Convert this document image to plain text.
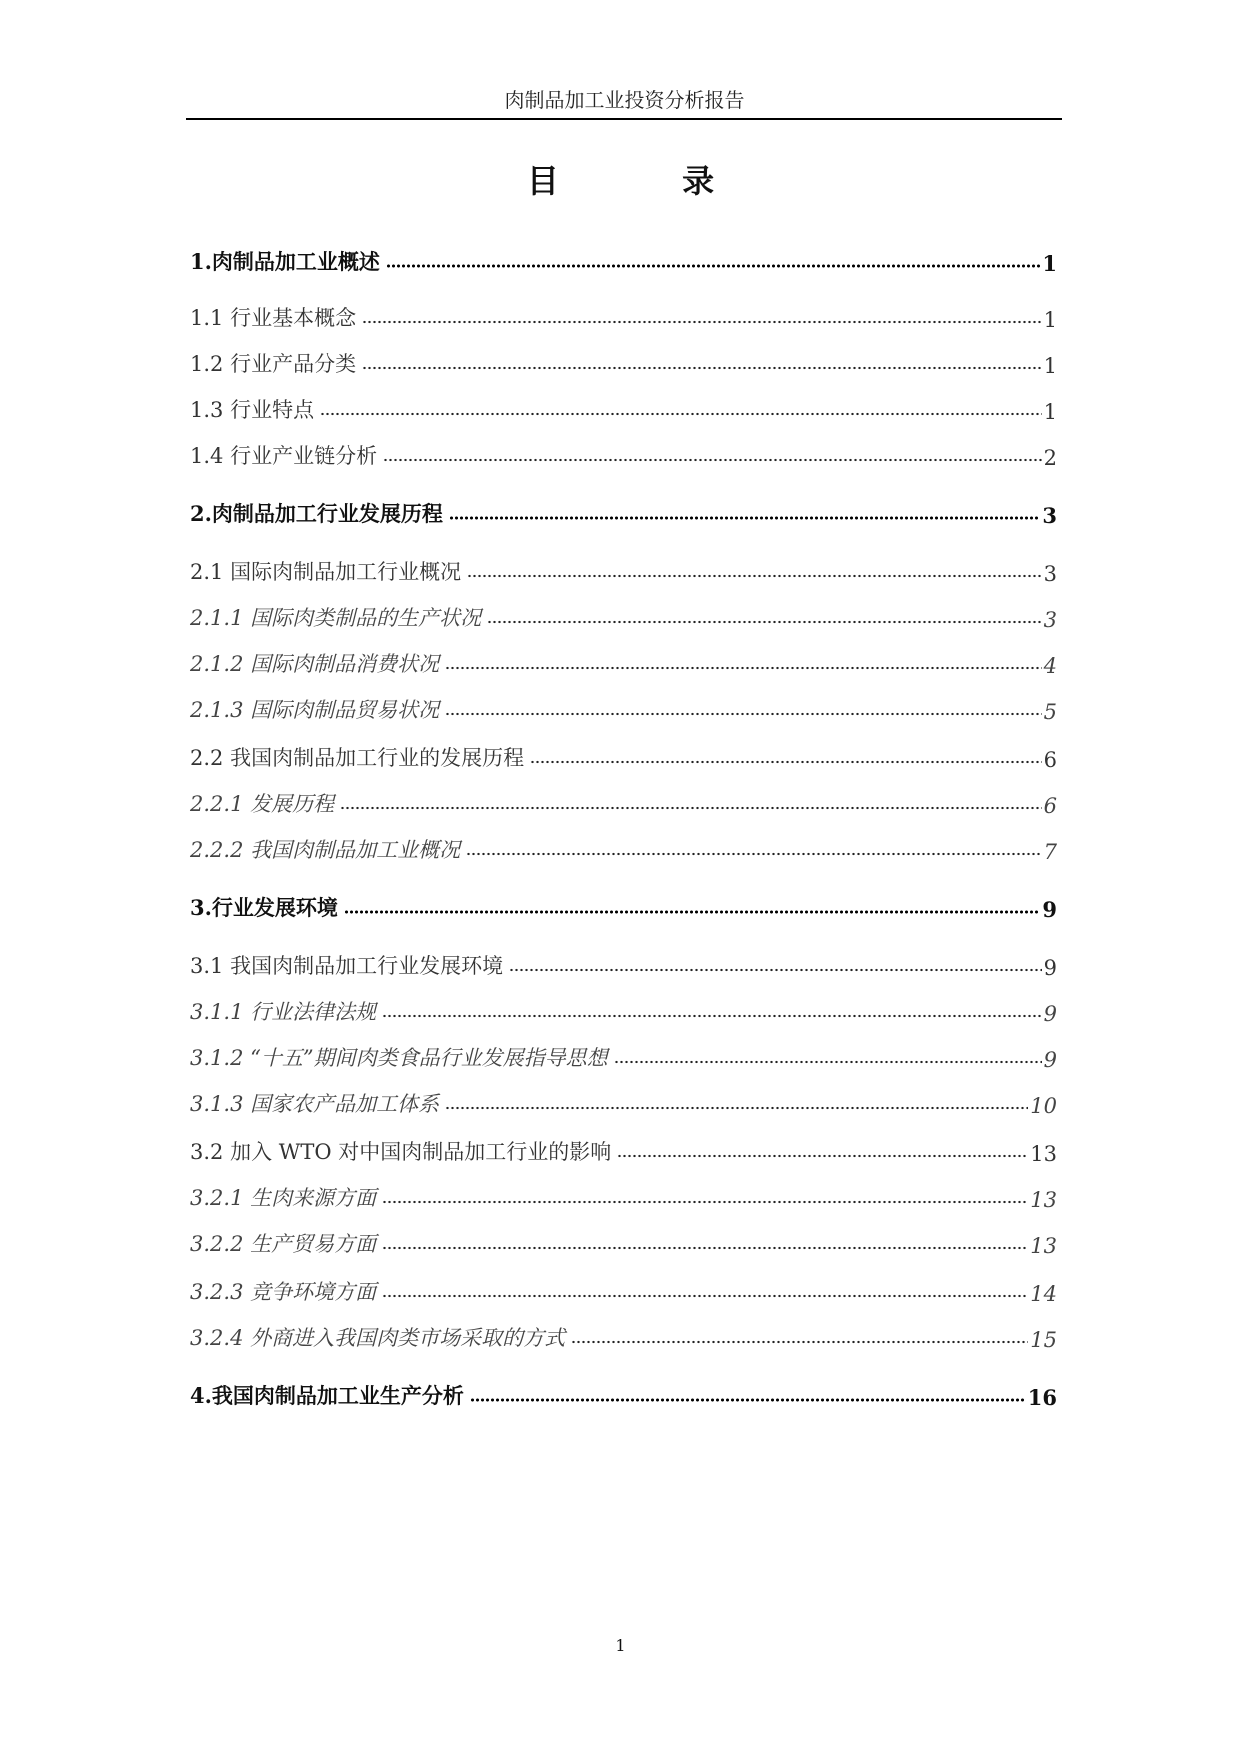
肉制品加工业投资分析报告
目 录
1.肉制品加工业概述	1
1.1 行业基本概念	1
1.2 行业产品分类	1
1.3 行业特点	1
1.4 行业产业链分析	2
2.肉制品加工行业发展历程	3
2.1 国际肉制品加工行业概况	3
2.1.1 国际肉类制品的生产状况	3
2.1.2 国际肉制品消费状况	4
2.1.3 国际肉制品贸易状况	5
2.2 我国肉制品加工行业的发展历程	6
2.2.1 发展历程	6
2.2.2 我国肉制品加工业概况	7
3.行业发展环境	9
3.1 我国肉制品加工行业发展环境	9
3.1.1 行业法律法规	9
3.1.2 “十五”期间肉类食品行业发展指导思想	9
3.1.3 国家农产品加工体系	10
3.2 加入 WTO 对中国肉制品加工行业的影响	13
3.2.1 生肉来源方面	13
3.2.2 生产贸易方面	13
3.2.3 竞争环境方面	14
3.2.4 外商进入我国肉类市场采取的方式	15
4.我国肉制品加工业生产分析	16
1
